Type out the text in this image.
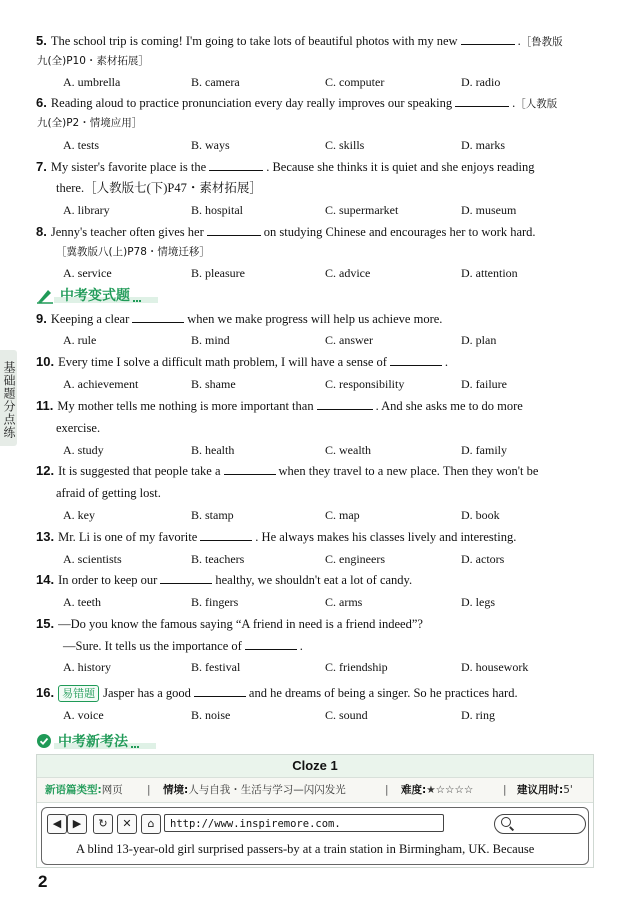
基础题分点练
5. The school trip is coming! I'm going to take lots of beautiful photos with my new	.［鲁教版
九(全)P10・素材拓展］
A. umbrella	B. camera	C. computer	D. radio
6. Reading aloud to practice pronunciation every day really improves our speaking	.［人教版
九(全)P2・情境应用］
A. tests	B. ways	C. skills	D. marks
7. My sister's favorite place is the	. Because she thinks it is quiet and she enjoys reading
there.［人教版七(下)P47・素材拓展］
A. library	B. hospital	C. supermarket	D. museum
8. Jenny's teacher often gives her	on studying Chinese and encourages her to work hard.
［冀教版八(上)P78・情境迁移］
A. service	B. pleasure	C. advice	D. attention
中考变式题
9. Keeping a clear	when we make progress will help us achieve more.
A. rule	B. mind	C. answer	D. plan
10. Every time I solve a difficult math problem, I will have a sense of	.
A. achievement	B. shame	C. responsibility	D. failure
11. My mother tells me nothing is more important than	. And she asks me to do more
exercise.
A. study	B. health	C. wealth	D. family
12. It is suggested that people take a	when they travel to a new place. Then they won't be
afraid of getting lost.
A. key	B. stamp	C. map	D. book
13. Mr. Li is one of my favorite	. He always makes his classes lively and interesting.
A. scientists	B. teachers	C. engineers	D. actors
14. In order to keep our	healthy, we shouldn't eat a lot of candy.
A. teeth	B. fingers	C. arms	D. legs
15. —Do you know the famous saying “A friend in need is a friend indeed”?
—Sure. It tells us the importance of	.
A. history	B. festival	C. friendship	D. housework
16. 易错题 Jasper has a good	and he dreams of being a singer. So he practices hard.
A. voice	B. noise	C. sound	D. ring
中考新考法
Cloze 1
新语篇类型:网页 | 情境:人与自我・生活与学习—闪闪发光	| 难度:★☆☆☆☆	| 建议用时:5'
◀	▶	↻	✕	⌂	http://www.inspiremore.com.
A blind 13-year-old girl surprised passers-by at a train station in Birmingham, UK. Because
2
